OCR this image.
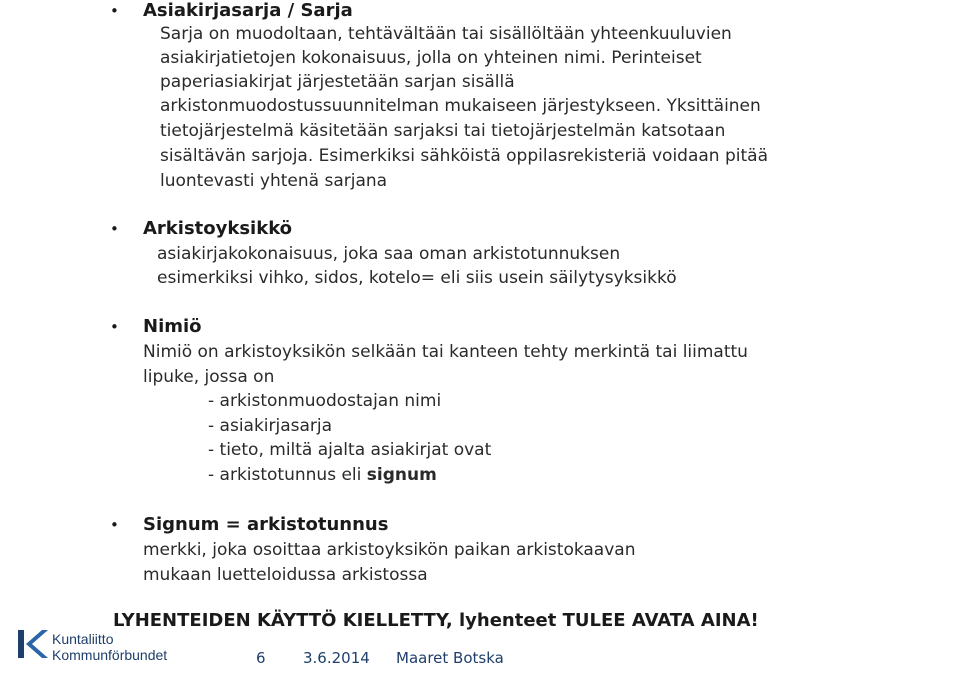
• Asiakirjasarja / Sarja
Sarja on muodoltaan, tehtävältään tai sisällöltään yhteenkuuluvien
asiakirjatietojen kokonaisuus, jolla on yhteinen nimi. Perinteiset
paperiasiakirjat järjestetään sarjan sisällä
arkistonmuodostussuunnitelman mukaiseen järjestykseen. Yksittäinen
tietojärjestelmä käsitetään sarjaksi tai tietojärjestelmän katsotaan
sisältävän sarjoja. Esimerkiksi sähköistä oppilasrekisteriä voidaan pitää
luontevasti yhtenä sarjana
• Arkistoyksikkö
asiakirjakokonaisuus, joka saa oman arkistotunnuksen
esimerkiksi vihko, sidos, kotelo= eli siis usein säilytysyksikkö
• Nimiö
Nimiö on arkistoyksikön selkään tai kanteen tehty merkintä tai liimattu
lipuke, jossa on
- arkistonmuodostajan nimi
- asiakirjasarja
- tieto, miltä ajalta asiakirjat ovat
- arkistotunnus eli signum
• Signum = arkistotunnus
merkki, joka osoittaa arkistoyksikön paikan arkistokaavan
mukaan luetteloidussa arkistossa
LYHENTEIDEN KÄYTTÖ KIELLETTY, lyhenteet TULEE AVATA AINA!
Kuntaliitto
Kommunförbundet	6 3.6.2014 Maaret Botska
